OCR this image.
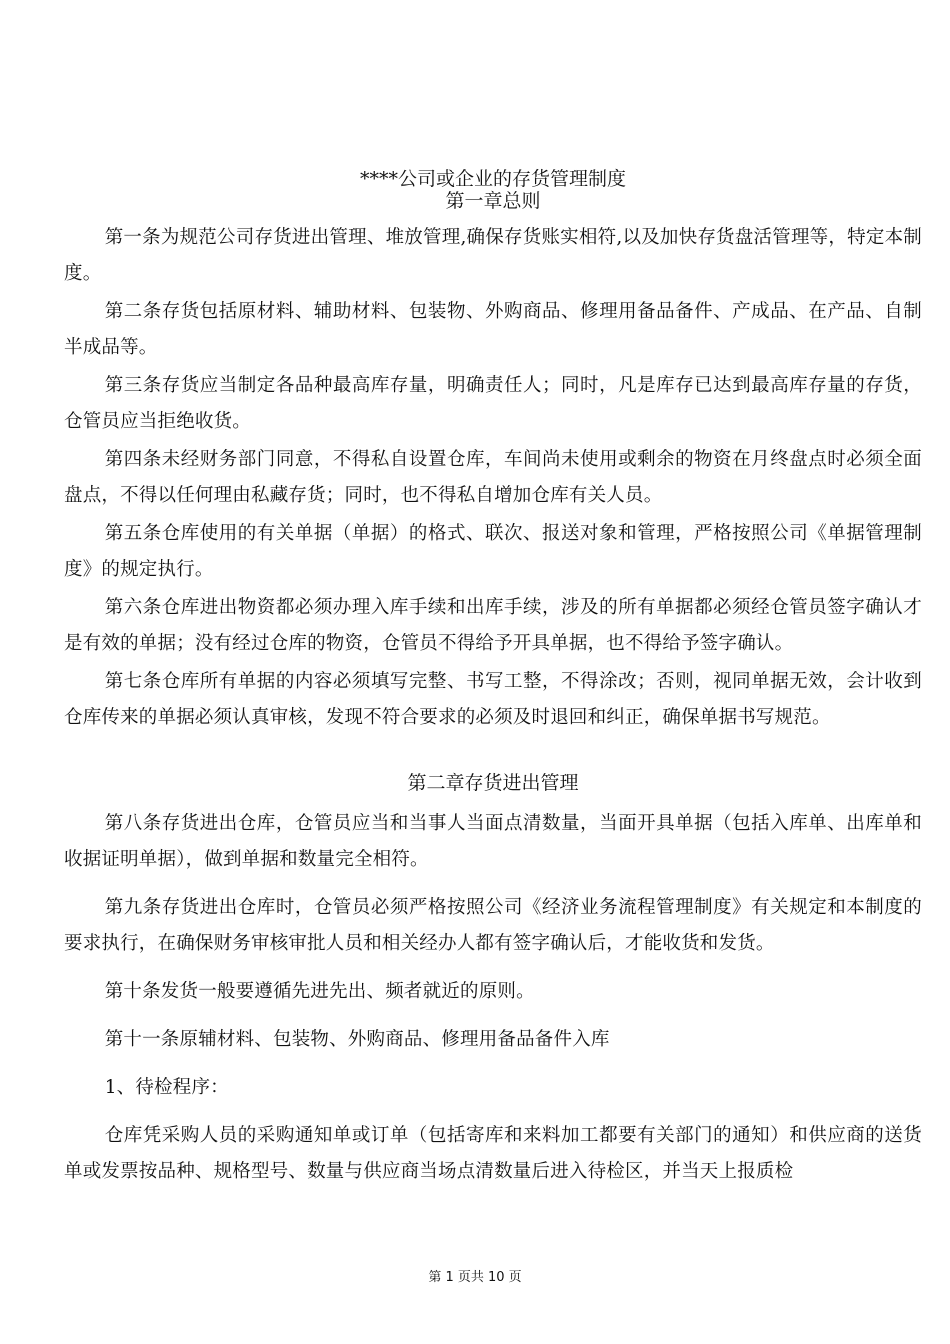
****公司或企业的存货管理制度

第一章总则

第一条为规范公司存货进出管理、堆放管理,确保存货账实相符,以及加快存货盘活管理等，特定本制度。

第二条存货包括原材料、辅助材料、包装物、外购商品、修理用备品备件、产成品、在产品、自制半成品等。

第三条存货应当制定各品种最高库存量，明确责任人；同时，凡是库存已达到最高库存量的存货，仓管员应当拒绝收货。

第四条未经财务部门同意，不得私自设置仓库，车间尚未使用或剩余的物资在月终盘点时必须全面盘点，不得以任何理由私藏存货；同时，也不得私自增加仓库有关人员。

第五条仓库使用的有关单据（单据）的格式、联次、报送对象和管理，严格按照公司《单据管理制度》的规定执行。

第六条仓库进出物资都必须办理入库手续和出库手续，涉及的所有单据都必须经仓管员签字确认才是有效的单据；没有经过仓库的物资，仓管员不得给予开具单据，也不得给予签字确认。

第七条仓库所有单据的内容必须填写完整、书写工整，不得涂改；否则，视同单据无效，会计收到仓库传来的单据必须认真审核，发现不符合要求的必须及时退回和纠正，确保单据书写规范。

第二章存货进出管理

第八条存货进出仓库，仓管员应当和当事人当面点清数量，当面开具单据（包括入库单、出库单和收据证明单据），做到单据和数量完全相符。

第九条存货进出仓库时，仓管员必须严格按照公司《经济业务流程管理制度》有关规定和本制度的要求执行，在确保财务审核审批人员和相关经办人都有签字确认后，才能收货和发货。

第十条发货一般要遵循先进先出、频者就近的原则。

第十一条原辅材料、包装物、外购商品、修理用备品备件入库

1、待检程序：

仓库凭采购人员的采购通知单或订单（包括寄库和来料加工都要有关部门的通知）和供应商的送货单或发票按品种、规格型号、数量与供应商当场点清数量后进入待检区，并当天上报质检

第 1 页共 10 页
